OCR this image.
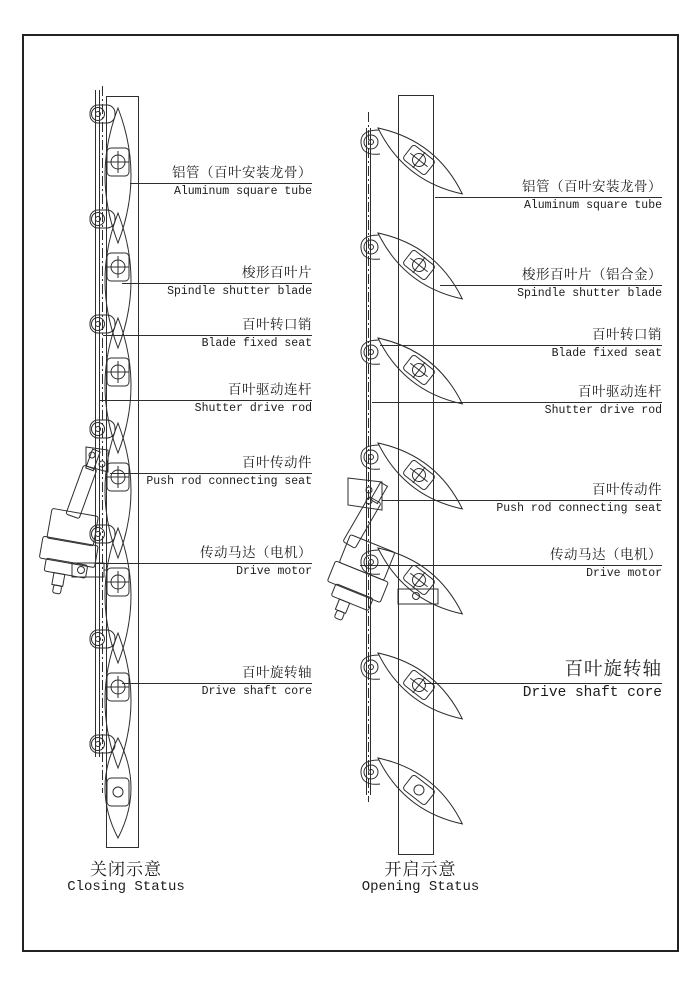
铝管（百叶安装龙骨）
Aluminum square tube
梭形百叶片
Spindle shutter blade
百叶转口销
Blade fixed seat
百叶驱动连杆
Shutter drive rod
百叶传动件
Push rod connecting seat
传动马达（电机）
Drive motor
百叶旋转轴
Drive shaft core
铝管（百叶安装龙骨）
Aluminum square tube
梭形百叶片（铝合金）
Spindle shutter blade
百叶转口销
Blade fixed seat
百叶驱动连杆
Shutter drive rod
百叶传动件
Push rod connecting seat
传动马达（电机）
Drive motor
百叶旋转轴
Drive shaft core
关闭示意
Closing Status
开启示意
Opening Status
